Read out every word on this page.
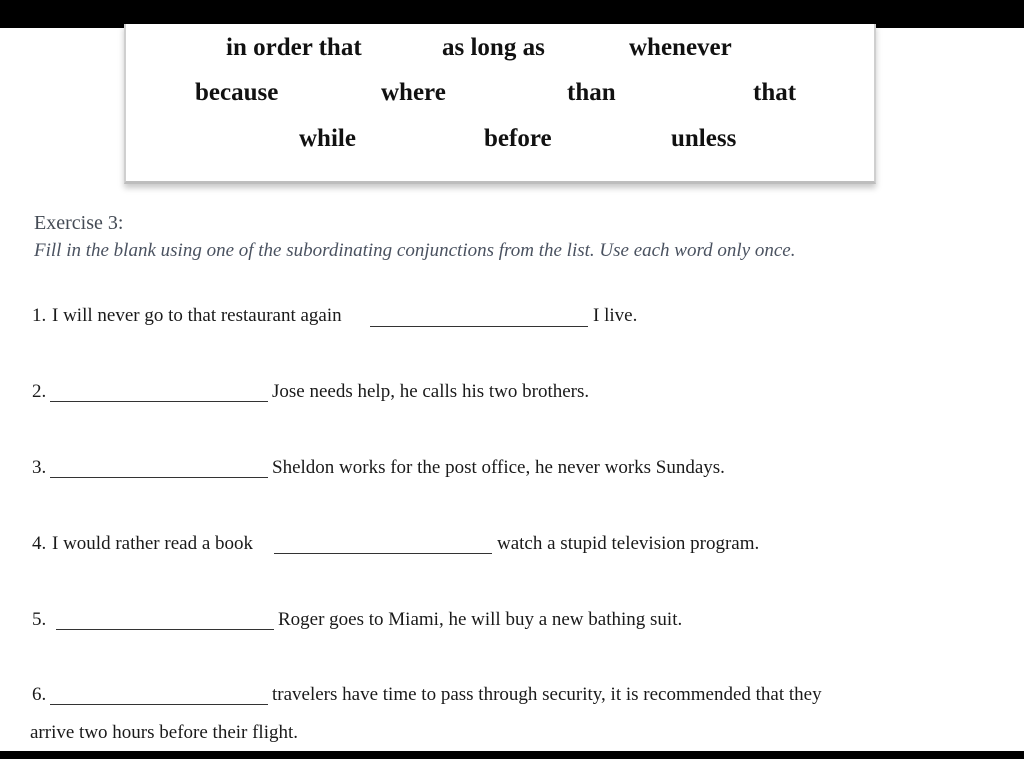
in order that	as long as	whenever
because	where	than	that
while	before	unless
Exercise 3:
Fill in the blank using one of the subordinating conjunctions from the list. Use each word only once.
1. I will never go to that restaurant again	I live.
2.	Jose needs help, he calls his two brothers.
3.	Sheldon works for the post office, he never works Sundays.
4. I would rather read a book	watch a stupid television program.
5.	Roger goes to Miami, he will buy a new bathing suit.
6.	travelers have time to pass through security, it is recommended that they
arrive two hours before their flight.
